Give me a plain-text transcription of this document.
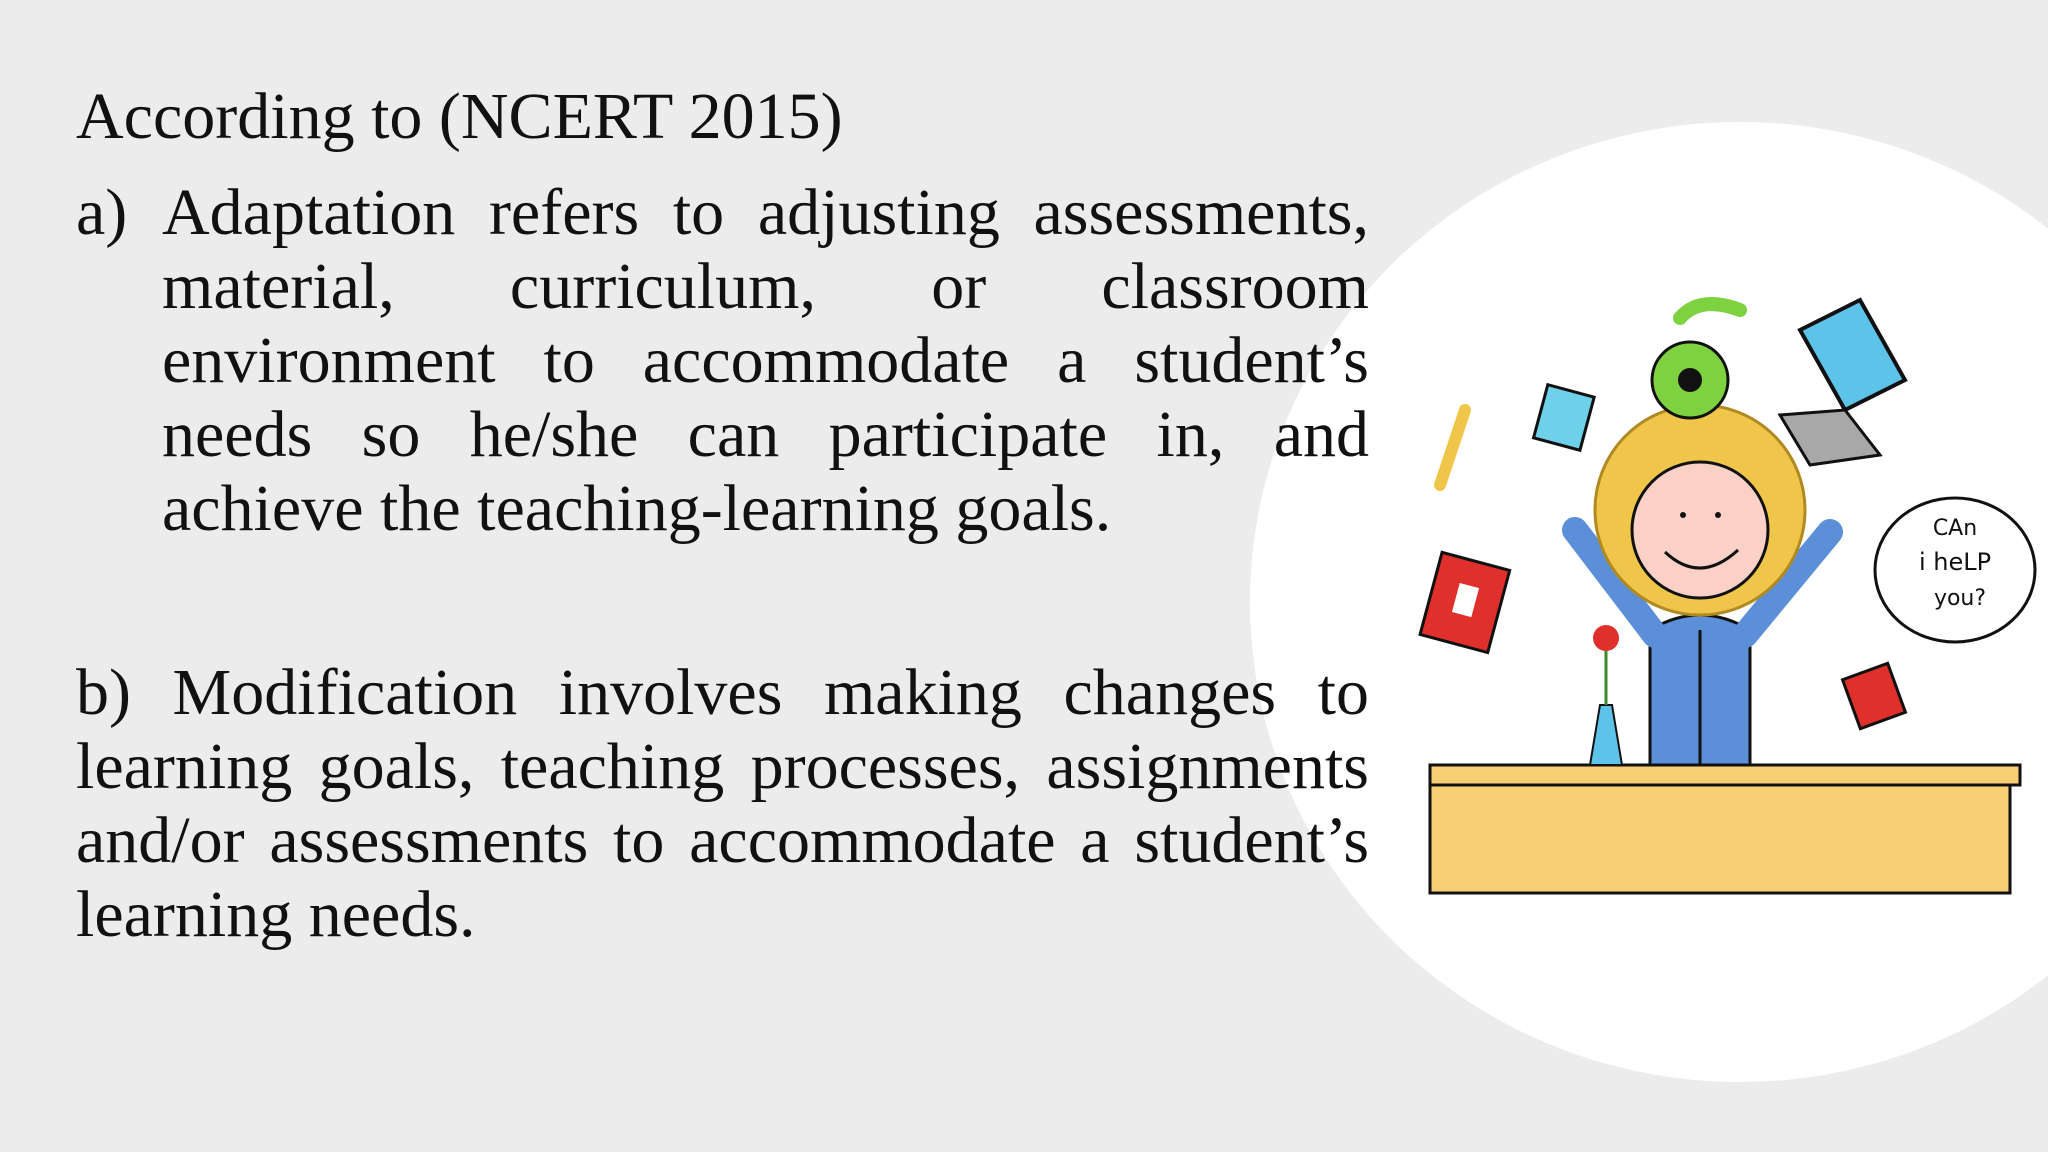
According to (NCERT 2015)

a) Adaptation refers to adjusting assessments, material, curriculum, or classroom environment to accommodate a student’s needs so he/she can participate in, and achieve the teaching-learning goals.
b) Modification involves making changes to learning goals, teaching processes, assignments and/or assessments to accommodate a student’s learning needs.
CAn
i heLP
you?
